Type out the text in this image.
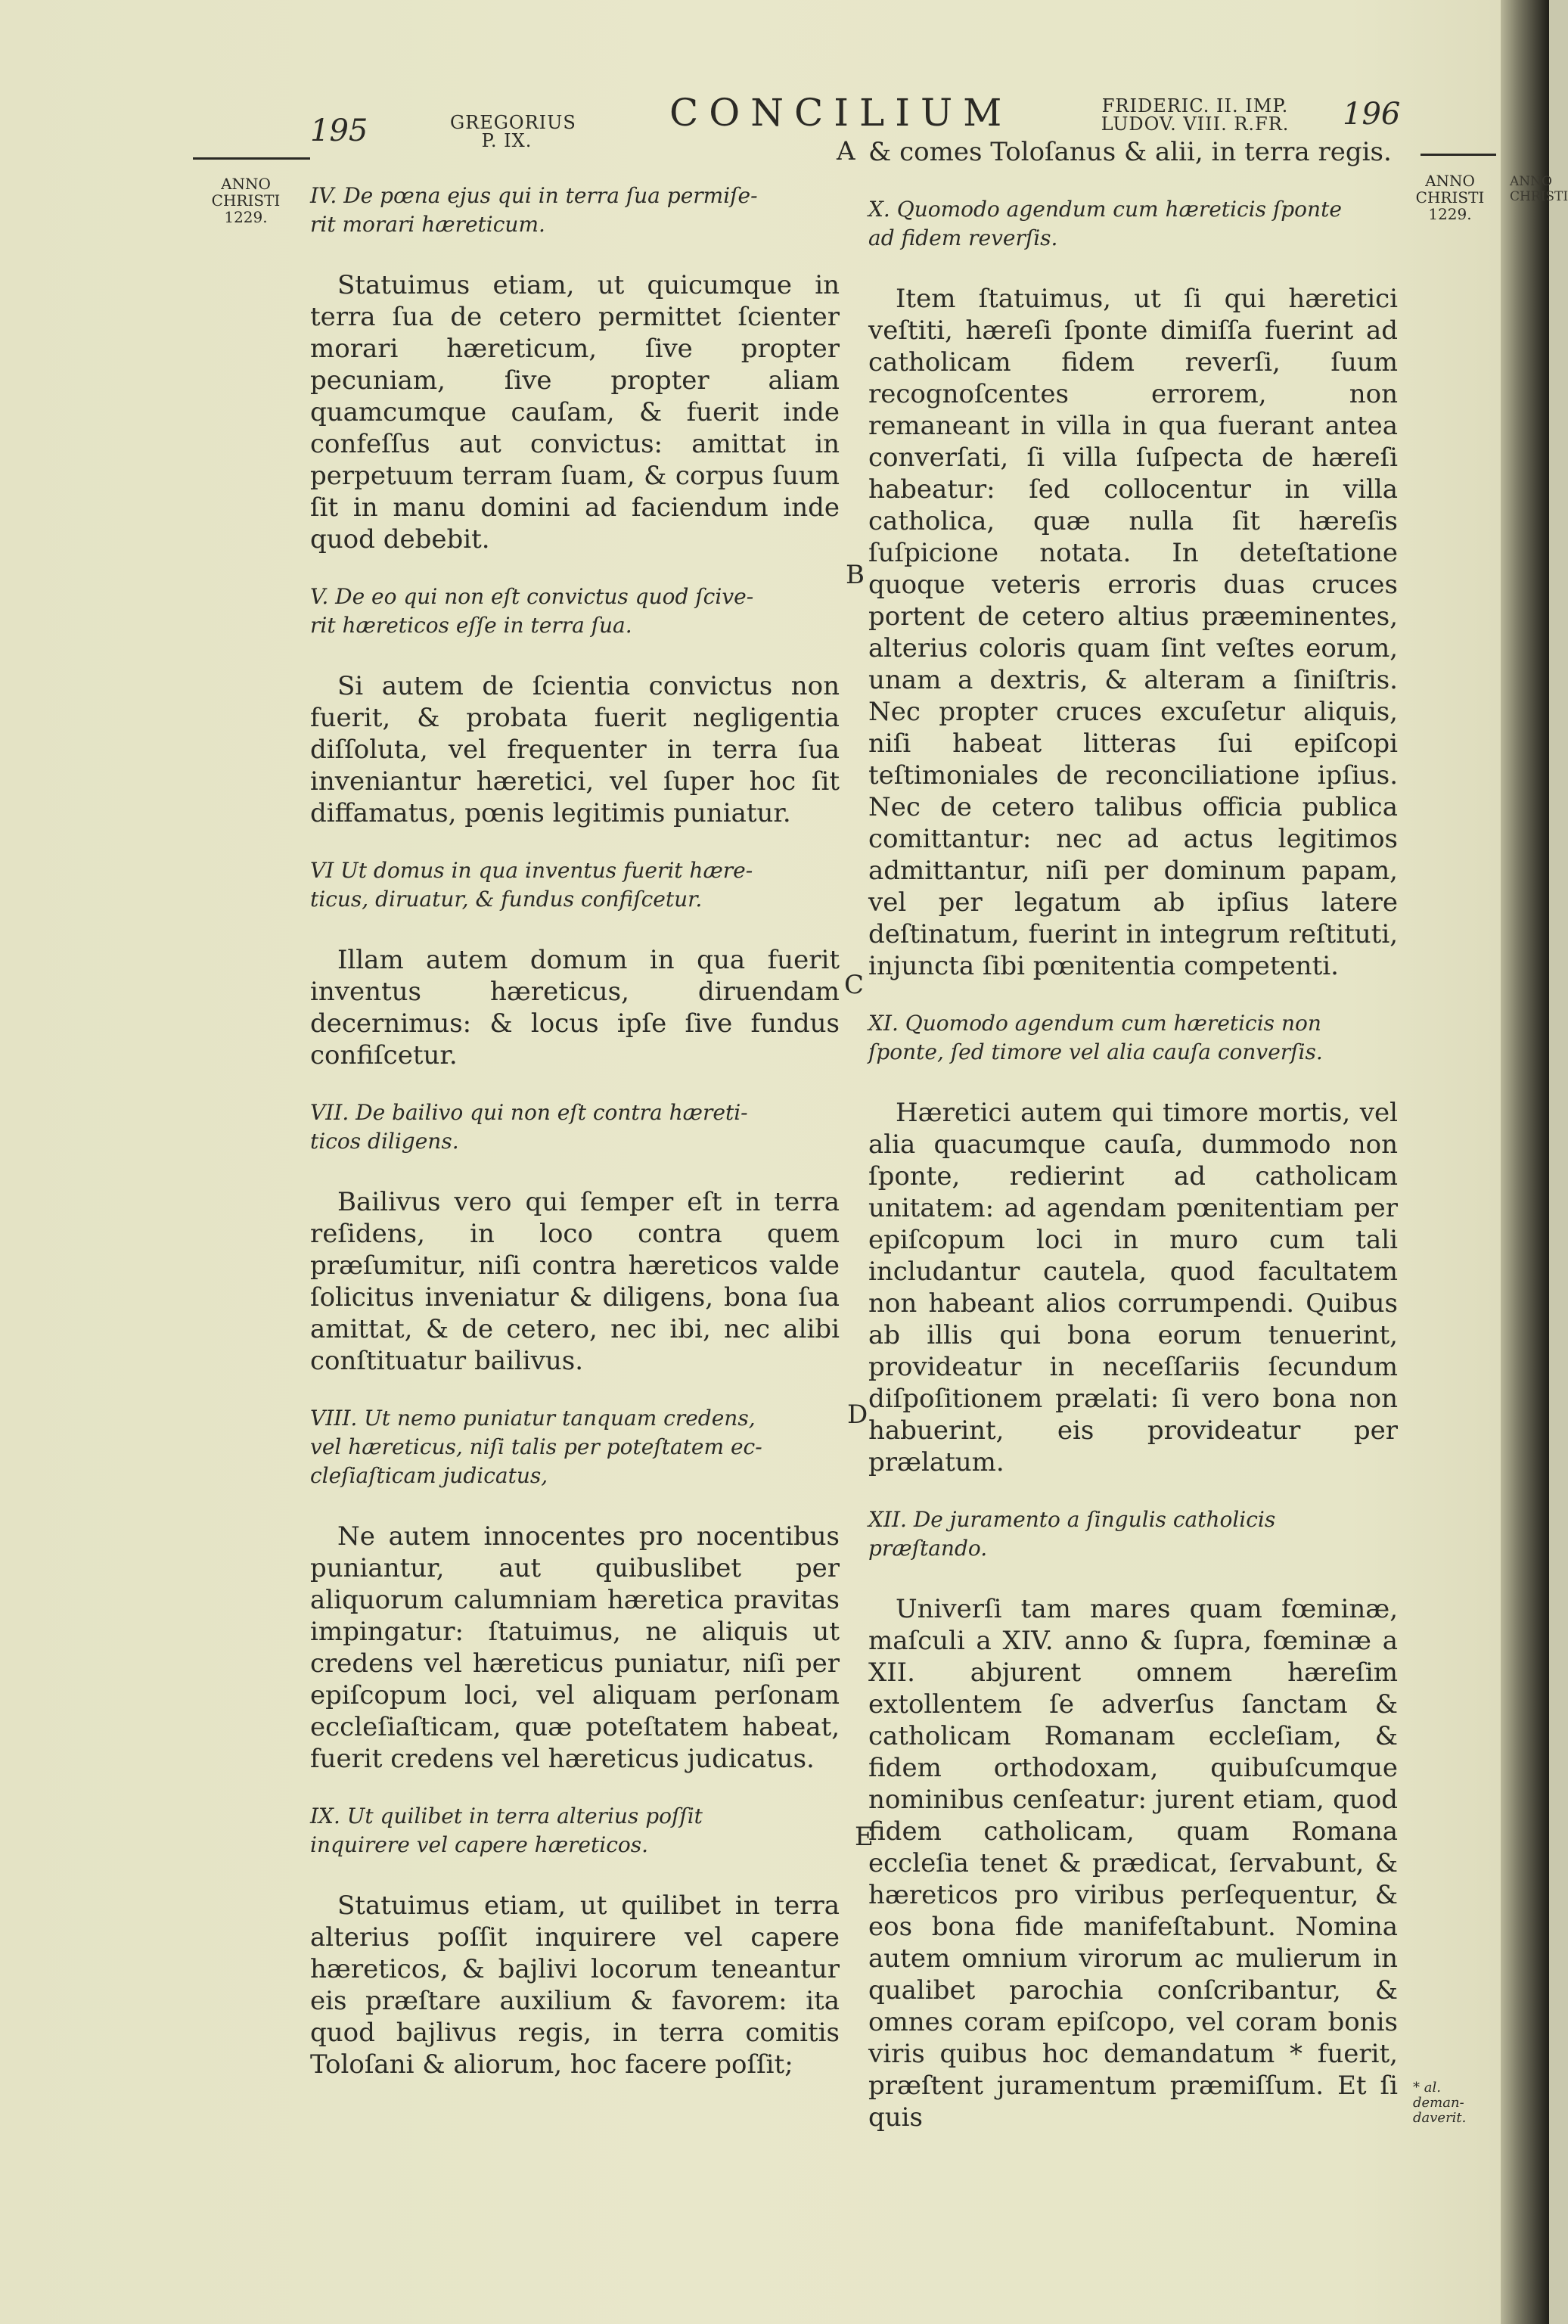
195	GREGORIUS
P. IX.
CONCILIUM	FRIDERIC. II. IMP.
LUDOV. VIII. R.FR.	196
ANNO
CHRISTI
1229.
ANNO
CHRISTI
1229.
A
B
C
D
E
* al. deman-
daverit.

IV. De pœna ejus qui in terra ſua permiſe-

rit morari hæreticum.

Statuimus etiam, ut quicumque in terra ſua de cetero permittet ſcienter morari hæreticum, ſive propter pecuniam, ſive propter aliam quamcumque cauſam, & fuerit inde confeſſus aut convictus: amittat in perpetuum terram ſuam, & corpus ſuum ſit in manu domini ad faciendum inde quod debebit.

V. De eo qui non eſt convictus quod ſcive-

rit hæreticos eſſe in terra ſua.

Si autem de ſcientia convictus non fuerit, & probata fuerit negligentia diſſoluta, vel frequenter in terra ſua inveniantur hæretici, vel ſuper hoc ſit diffamatus, pœnis legitimis puniatur.

VI Ut domus in qua inventus fuerit hære-

ticus, diruatur, & fundus confiſcetur.

Illam autem domum in qua fuerit inventus hæreticus, diruendam decernimus: & locus ipſe ſive fundus confiſcetur.

VII. De bailivo qui non eſt contra hæreti-

ticos diligens.

Bailivus vero qui ſemper eſt in terra reſidens, in loco contra quem præſumitur, niſi contra hæreticos valde ſolicitus inveniatur & diligens, bona ſua amittat, & de cetero, nec ibi, nec alibi conſtituatur bailivus.

VIII. Ut nemo puniatur tanquam credens,

vel hæreticus, niſi talis per poteſtatem ec-

cleſiaſticam judicatus,

Ne autem innocentes pro nocentibus puniantur, aut quibuslibet per aliquorum calumniam hæretica pravitas impingatur: ſtatuimus, ne aliquis ut credens vel hæreticus puniatur, niſi per epiſcopum loci, vel aliquam perſonam eccleſiaſticam, quæ poteſtatem habeat, fuerit credens vel hæreticus judicatus.

IX. Ut quilibet in terra alterius poſſit

inquirere vel capere hæreticos.

Statuimus etiam, ut quilibet in terra alterius poſſit inquirere vel capere hæreticos, & bajlivi locorum teneantur eis præſtare auxilium & favorem: ita quod bajlivus regis, in terra comitis Toloſani & aliorum, hoc facere poſſit;

& comes Toloſanus & alii, in terra regis.

X. Quomodo agendum cum hæreticis ſponte

ad fidem reverſis.

Item ſtatuimus, ut ſi qui hæretici veſtiti, hæreſi ſponte dimiſſa fuerint ad catholicam fidem reverſi, ſuum recognoſcentes errorem, non remaneant in villa in qua fuerant antea converſati, ſi villa ſuſpecta de hæreſi habeatur: ſed collocentur in villa catholica, quæ nulla ſit hæreſis ſuſpicione notata. In deteſtatione quoque veteris erroris duas cruces portent de cetero altius præeminentes, alterius coloris quam ſint veſtes eorum, unam a dextris, & alteram a ſiniſtris. Nec propter cruces excuſetur aliquis, niſi habeat litteras ſui epiſcopi teſtimoniales de reconciliatione ipſius. Nec de cetero talibus officia publica comittantur: nec ad actus legitimos admittantur, niſi per dominum papam, vel per legatum ab ipſius latere deſtinatum, fuerint in integrum reſtituti, injuncta ſibi pœnitentia competenti.

XI. Quomodo agendum cum hæreticis non

ſponte, ſed timore vel alia cauſa converſis.

Hæretici autem qui timore mortis, vel alia quacumque cauſa, dummodo non ſponte, redierint ad catholicam unitatem: ad agendam pœnitentiam per epiſcopum loci in muro cum tali includantur cautela, quod facultatem non habeant alios corrumpendi. Quibus ab illis qui bona eorum tenuerint, provideatur in neceſſariis ſecundum diſpoſitionem prælati: ſi vero bona non habuerint, eis provideatur per prælatum.

XII. De juramento a ſingulis catholicis

præſtando.

Univerſi tam mares quam fœminæ, maſculi a XIV. anno & ſupra, fœminæ a XII. abjurent omnem hæreſim extollentem ſe adverſus ſanctam & catholicam Romanam eccleſiam, & fidem orthodoxam, quibuſcumque nominibus cenſeatur: jurent etiam, quod fidem catholicam, quam Romana eccleſia tenet & prædicat, ſervabunt, & hæreticos pro viribus perſequentur, & eos bona fide manifeſtabunt. Nomina autem omnium virorum ac mulierum in qualibet parochia conſcribantur, & omnes coram epiſcopo, vel coram bonis viris quibus hoc demandatum * fuerit, præſtent juramentum præmiſſum. Et ſi quis

ANNO
CHRISTI
